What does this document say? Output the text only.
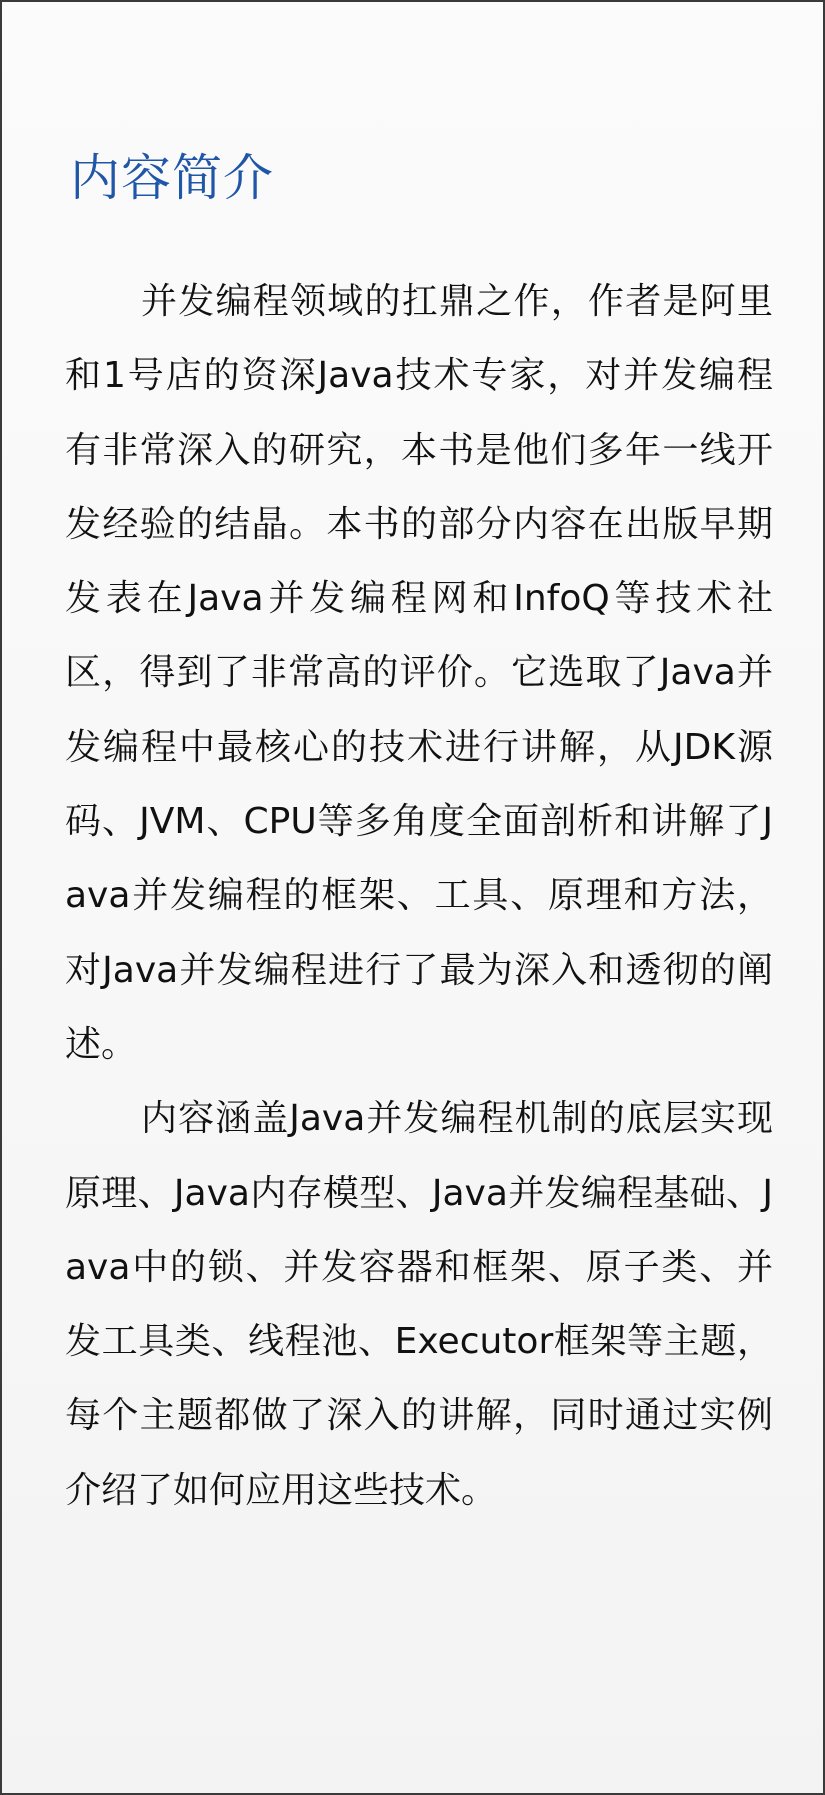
内容简介

并发编程领域的扛鼎之作，作者是阿里和1号店的资深Java技术专家，对并发编程有非常深入的研究，本书是他们多年一线开发经验的结晶。本书的部分内容在出版早期发表在Java并发编程网和InfoQ等技术社区，得到了非常高的评价。它选取了Java并发编程中最核心的技术进行讲解，从JDK源码、JVM、CPU等多角度全面剖析和讲解了Java并发编程的框架、工具、原理和方法，对Java并发编程进行了最为深入和透彻的阐述。

内容涵盖Java并发编程机制的底层实现原理、Java内存模型、Java并发编程基础、Java中的锁、并发容器和框架、原子类、并发工具类、线程池、Executor框架等主题，每个主题都做了深入的讲解，同时通过实例介绍了如何应用这些技术。
